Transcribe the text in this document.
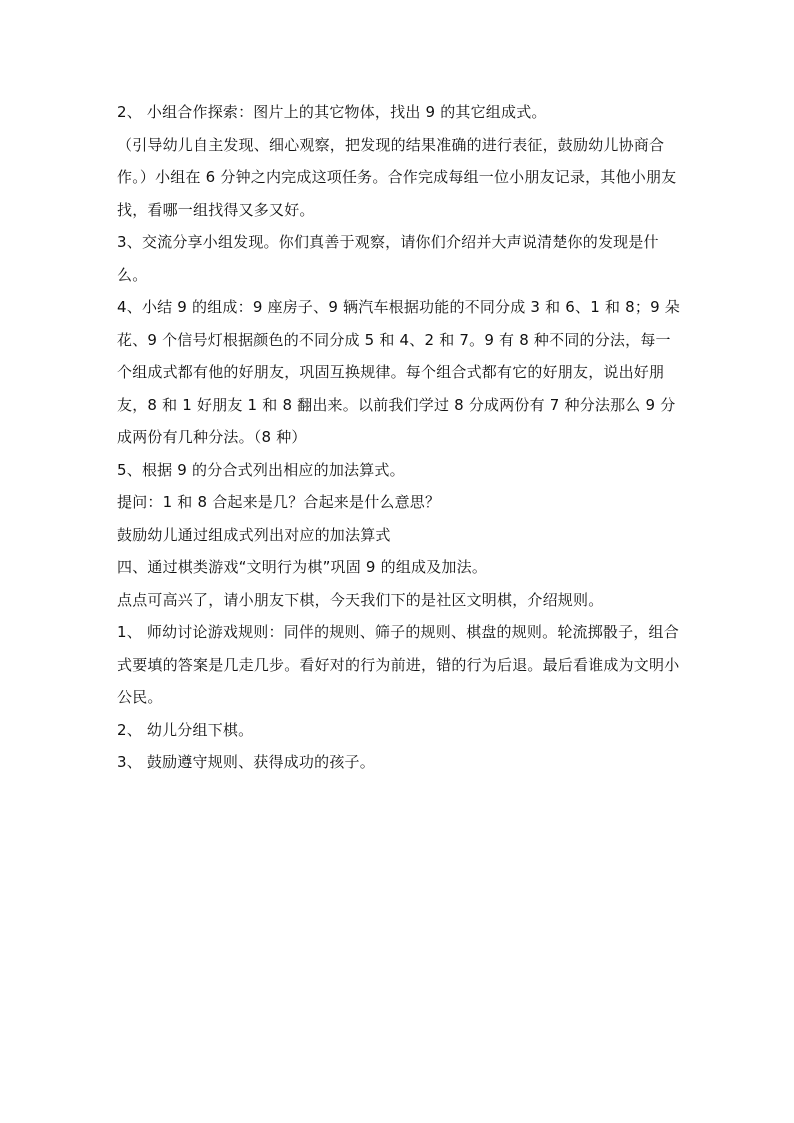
2、 小组合作探索：图片上的其它物体，找出 9 的其它组成式。

（引导幼儿自主发现、细心观察，把发现的结果准确的进行表征，鼓励幼儿协商合作。）小组在 6 分钟之内完成这项任务。合作完成每组一位小朋友记录，其他小朋友找，看哪一组找得又多又好。

3、交流分享小组发现。你们真善于观察，请你们介绍并大声说清楚你的发现是什么。

4、小结 9 的组成：9 座房子、9 辆汽车根据功能的不同分成 3 和 6、1 和 8；9 朵花、9 个信号灯根据颜色的不同分成 5 和 4、2 和 7。9 有 8 种不同的分法，每一个组成式都有他的好朋友，巩固互换规律。每个组合式都有它的好朋友，说出好朋友，8 和 1 好朋友 1 和 8 翻出来。以前我们学过 8 分成两份有 7 种分法那么 9 分成两份有几种分法。（8 种）

5、根据 9 的分合式列出相应的加法算式。

提问：1 和 8 合起来是几？合起来是什么意思？

鼓励幼儿通过组成式列出对应的加法算式

四、通过棋类游戏“文明行为棋”巩固 9 的组成及加法。

点点可高兴了，请小朋友下棋，今天我们下的是社区文明棋，介绍规则。

1、 师幼讨论游戏规则：同伴的规则、筛子的规则、棋盘的规则。轮流掷骰子，组合式要填的答案是几走几步。看好对的行为前进，错的行为后退。最后看谁成为文明小公民。

2、 幼儿分组下棋。

3、 鼓励遵守规则、获得成功的孩子。
